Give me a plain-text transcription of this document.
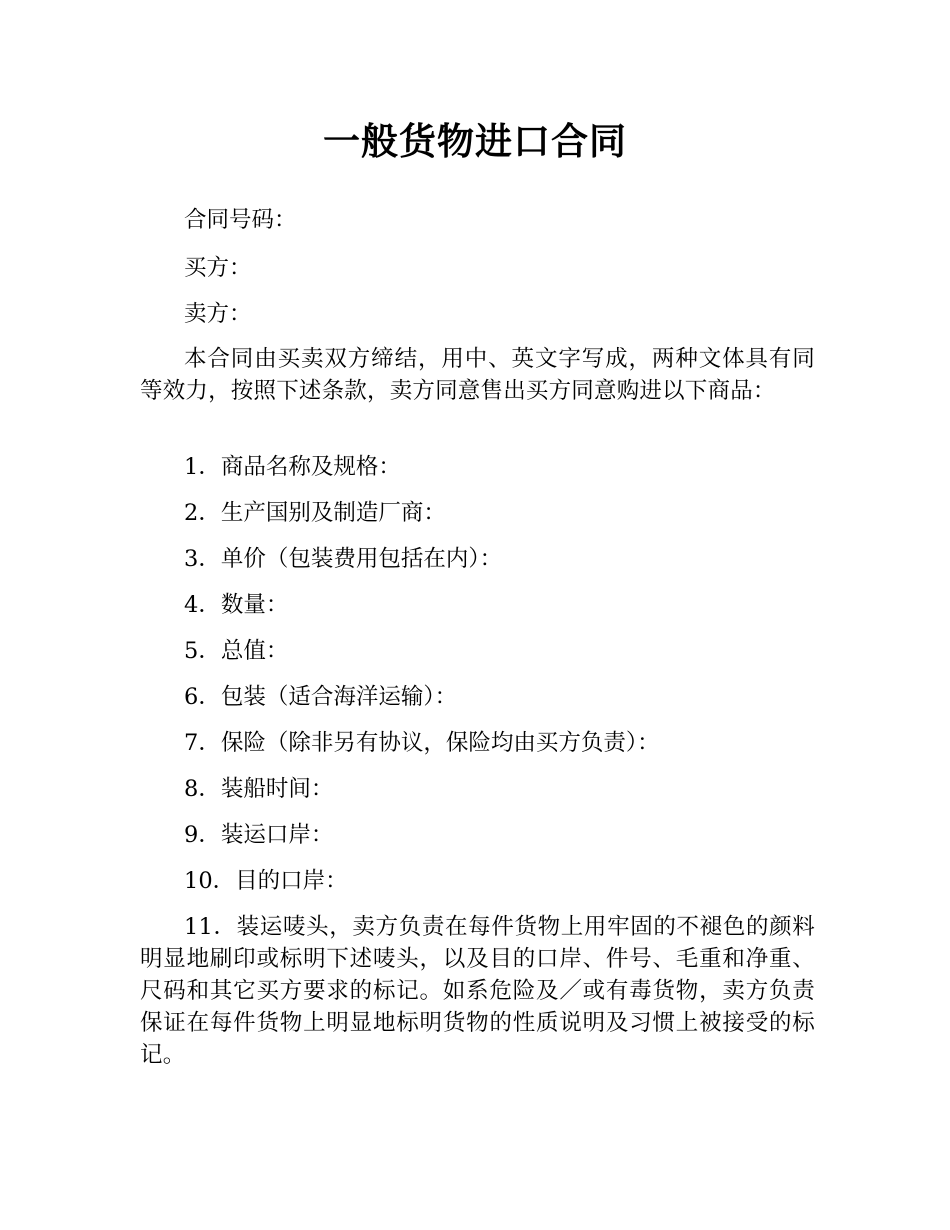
一般货物进口合同
合同号码：
买方：
卖方：
本合同由买卖双方缔结，用中、英文字写成，两种文体具有同等效力，按照下述条款，卖方同意售出买方同意购进以下商品：
1．商品名称及规格：
2．生产国别及制造厂商：
3．单价（包装费用包括在内）：
4．数量：
5．总值：
6．包装（适合海洋运输）：
7．保险（除非另有协议，保险均由买方负责）：
8．装船时间：
9．装运口岸：
10．目的口岸：
11．装运唛头，卖方负责在每件货物上用牢固的不褪色的颜料明显地刷印或标明下述唛头，以及目的口岸、件号、毛重和净重、尺码和其它买方要求的标记。如系危险及／或有毒货物，卖方负责保证在每件货物上明显地标明货物的性质说明及习惯上被接受的标记。
